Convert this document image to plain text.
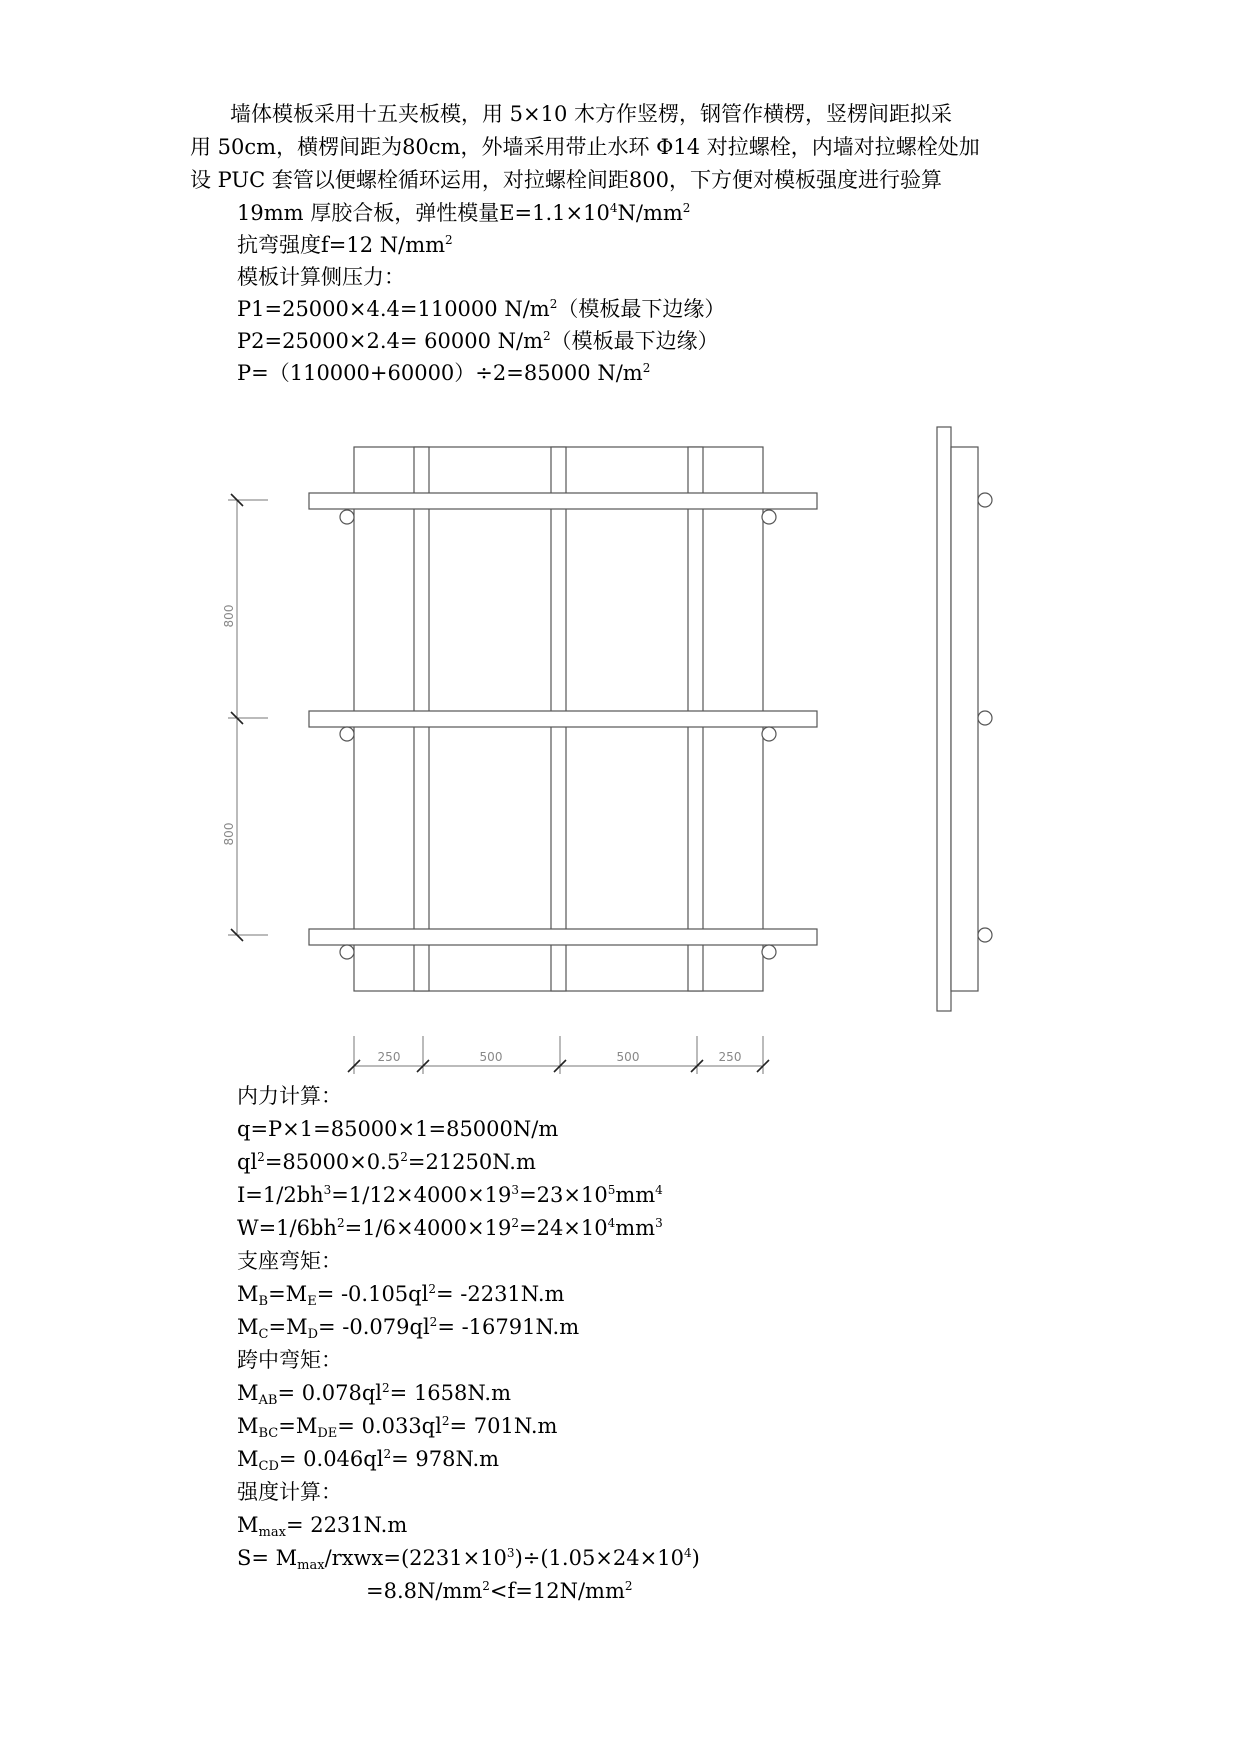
墙体模板采用十五夹板模，用 5×10 木方作竖楞，钢管作横楞，竖楞间距拟采

用 50cm，横楞间距为80cm，外墙采用带止水环 Φ14 对拉螺栓，内墙对拉螺栓处加

设 PUC 套管以便螺栓循环运用，对拉螺栓间距800，下方便对模板强度进行验算

19mm 厚胶合板，弹性模量$E=1.1\times 10^4N/mm^2$
抗弯强度f=12 $N/mm^2$
模板计算侧压力：
P1=25000×4.4=110000 $N/m^2$（模板最下边缘）
P2=25000×2.4= 60000 $N/m^2$（模板最下边缘）
P=（110000+60000）÷2=85000 $N/m^2$
800
800
250	500	500	250
内力计算：
q=P×1=85000×1=85000N/m
$ql^2=85000\times 0.5^2=21250N.m$
$I=1/2bh^3=1/12\times 4000\times 19^3=23\times 10^5mm^4$
$W=1/6bh^2=1/6\times 4000\times 19^2=24\times 10^4mm^3$
支座弯矩：
$M_B=M_E= -0.105ql^2= -2231N.m$
$M_C=M_D= -0.079ql^2= -16791N.m$
跨中弯矩：
$M_{AB}= 0.078ql^2= 1658N.m$
$M_{BC}=M_{DE}= 0.033ql^2= 701N.m$
$M_{CD}= 0.046ql^2= 978N.m$
强度计算：
$M_{max}= 2231N.m$
$S= M_{max}/rxwx=(2231\times 10^3)\div(1.05\times 24\times 10^4)$
$=8.8N/mm^2<f=12N/mm^2$
